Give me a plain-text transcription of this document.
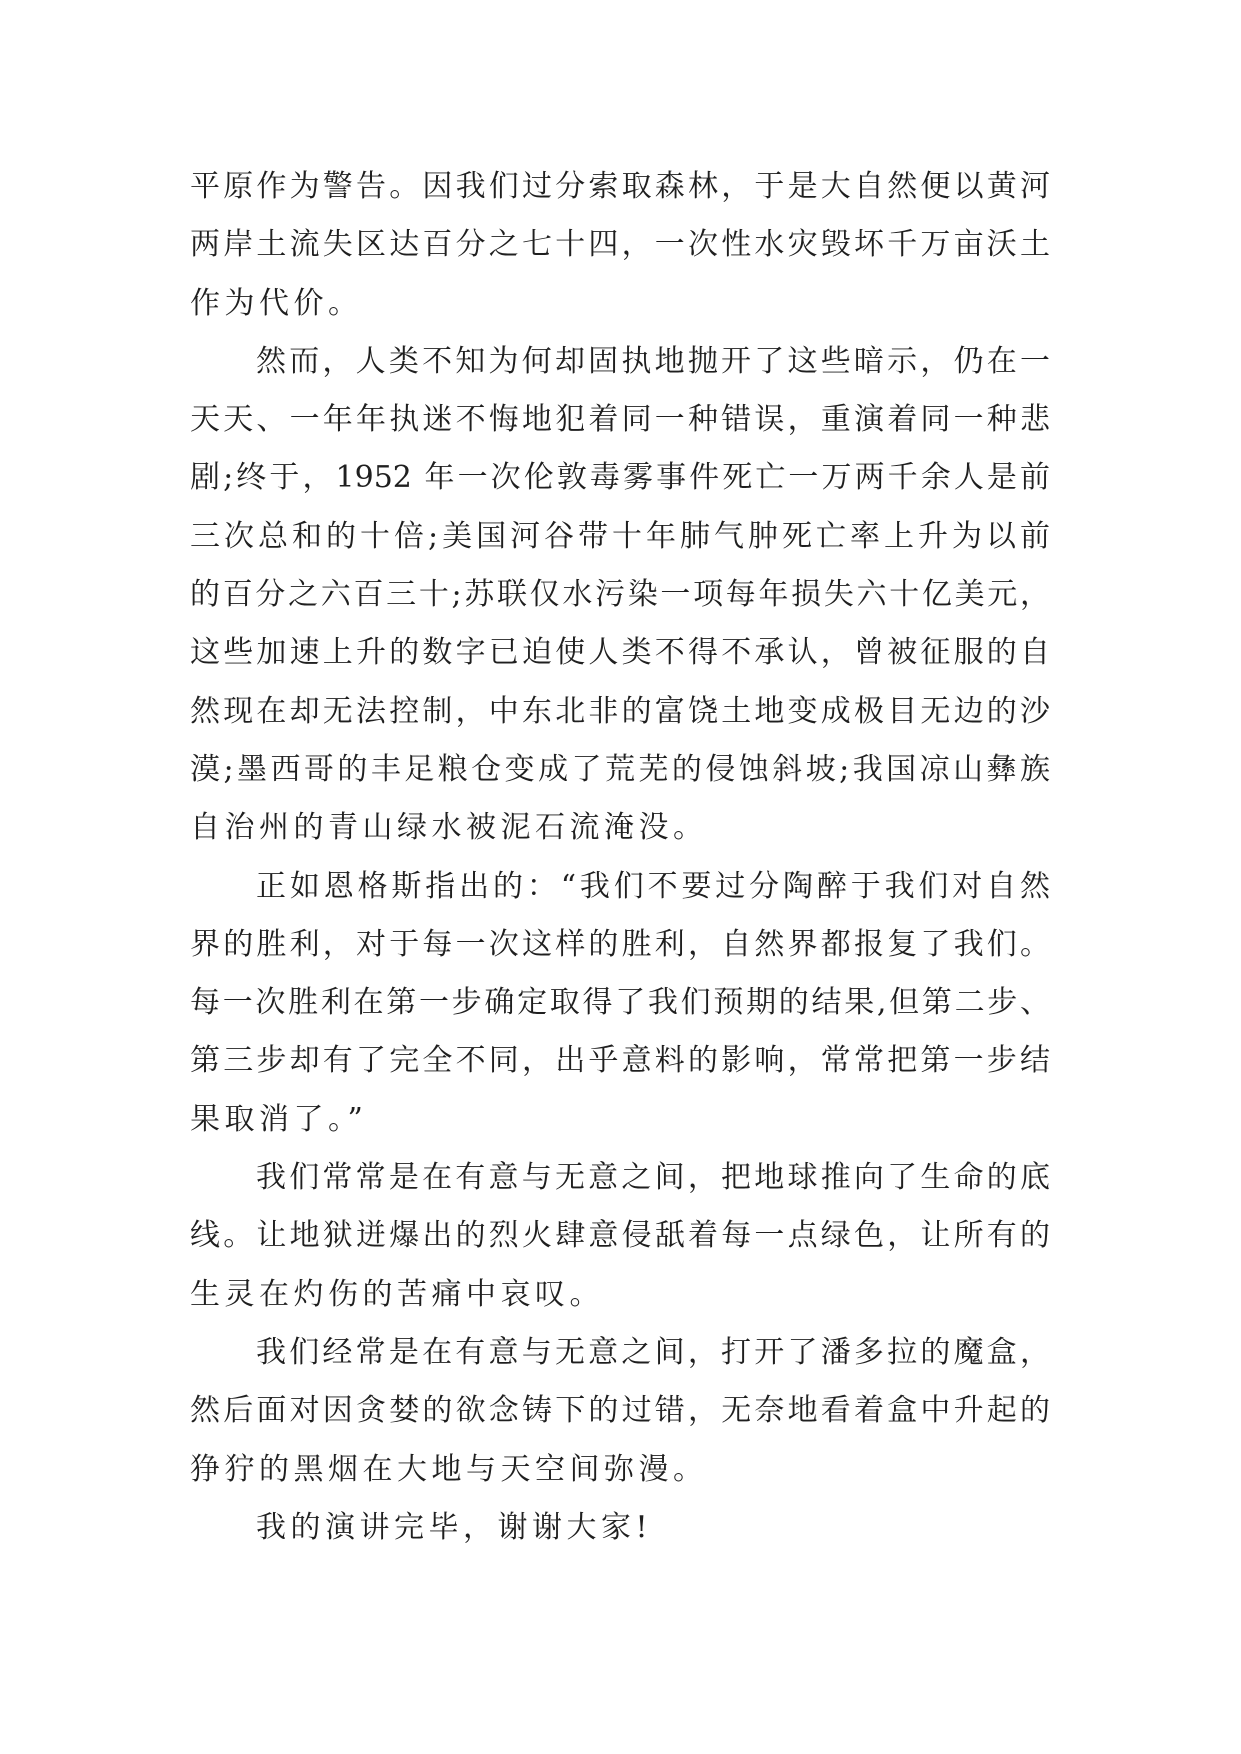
平原作为警告。因我们过分索取森林，于是大自然便以黄河
两岸土流失区达百分之七十四，一次性水灾毁坏千万亩沃土
作为代价。
然而，人类不知为何却固执地抛开了这些暗示，仍在一
天天、一年年执迷不悔地犯着同一种错误，重演着同一种悲
剧;终于，1952 年一次伦敦毒雾事件死亡一万两千余人是前
三次总和的十倍;美国河谷带十年肺气肿死亡率上升为以前
的百分之六百三十;苏联仅水污染一项每年损失六十亿美元，
这些加速上升的数字已迫使人类不得不承认，曾被征服的自
然现在却无法控制，中东北非的富饶土地变成极目无边的沙
漠;墨西哥的丰足粮仓变成了荒芜的侵蚀斜坡;我国凉山彝族
自治州的青山绿水被泥石流淹没。
正如恩格斯指出的：“我们不要过分陶醉于我们对自然
界的胜利，对于每一次这样的胜利，自然界都报复了我们。
每一次胜利在第一步确定取得了我们预期的结果,但第二步、
第三步却有了完全不同，出乎意料的影响，常常把第一步结
果取消了。”
我们常常是在有意与无意之间，把地球推向了生命的底
线。让地狱迸爆出的烈火肆意侵舐着每一点绿色，让所有的
生灵在灼伤的苦痛中哀叹。
我们经常是在有意与无意之间，打开了潘多拉的魔盒，
然后面对因贪婪的欲念铸下的过错，无奈地看着盒中升起的
狰狞的黑烟在大地与天空间弥漫。
我的演讲完毕，谢谢大家!
